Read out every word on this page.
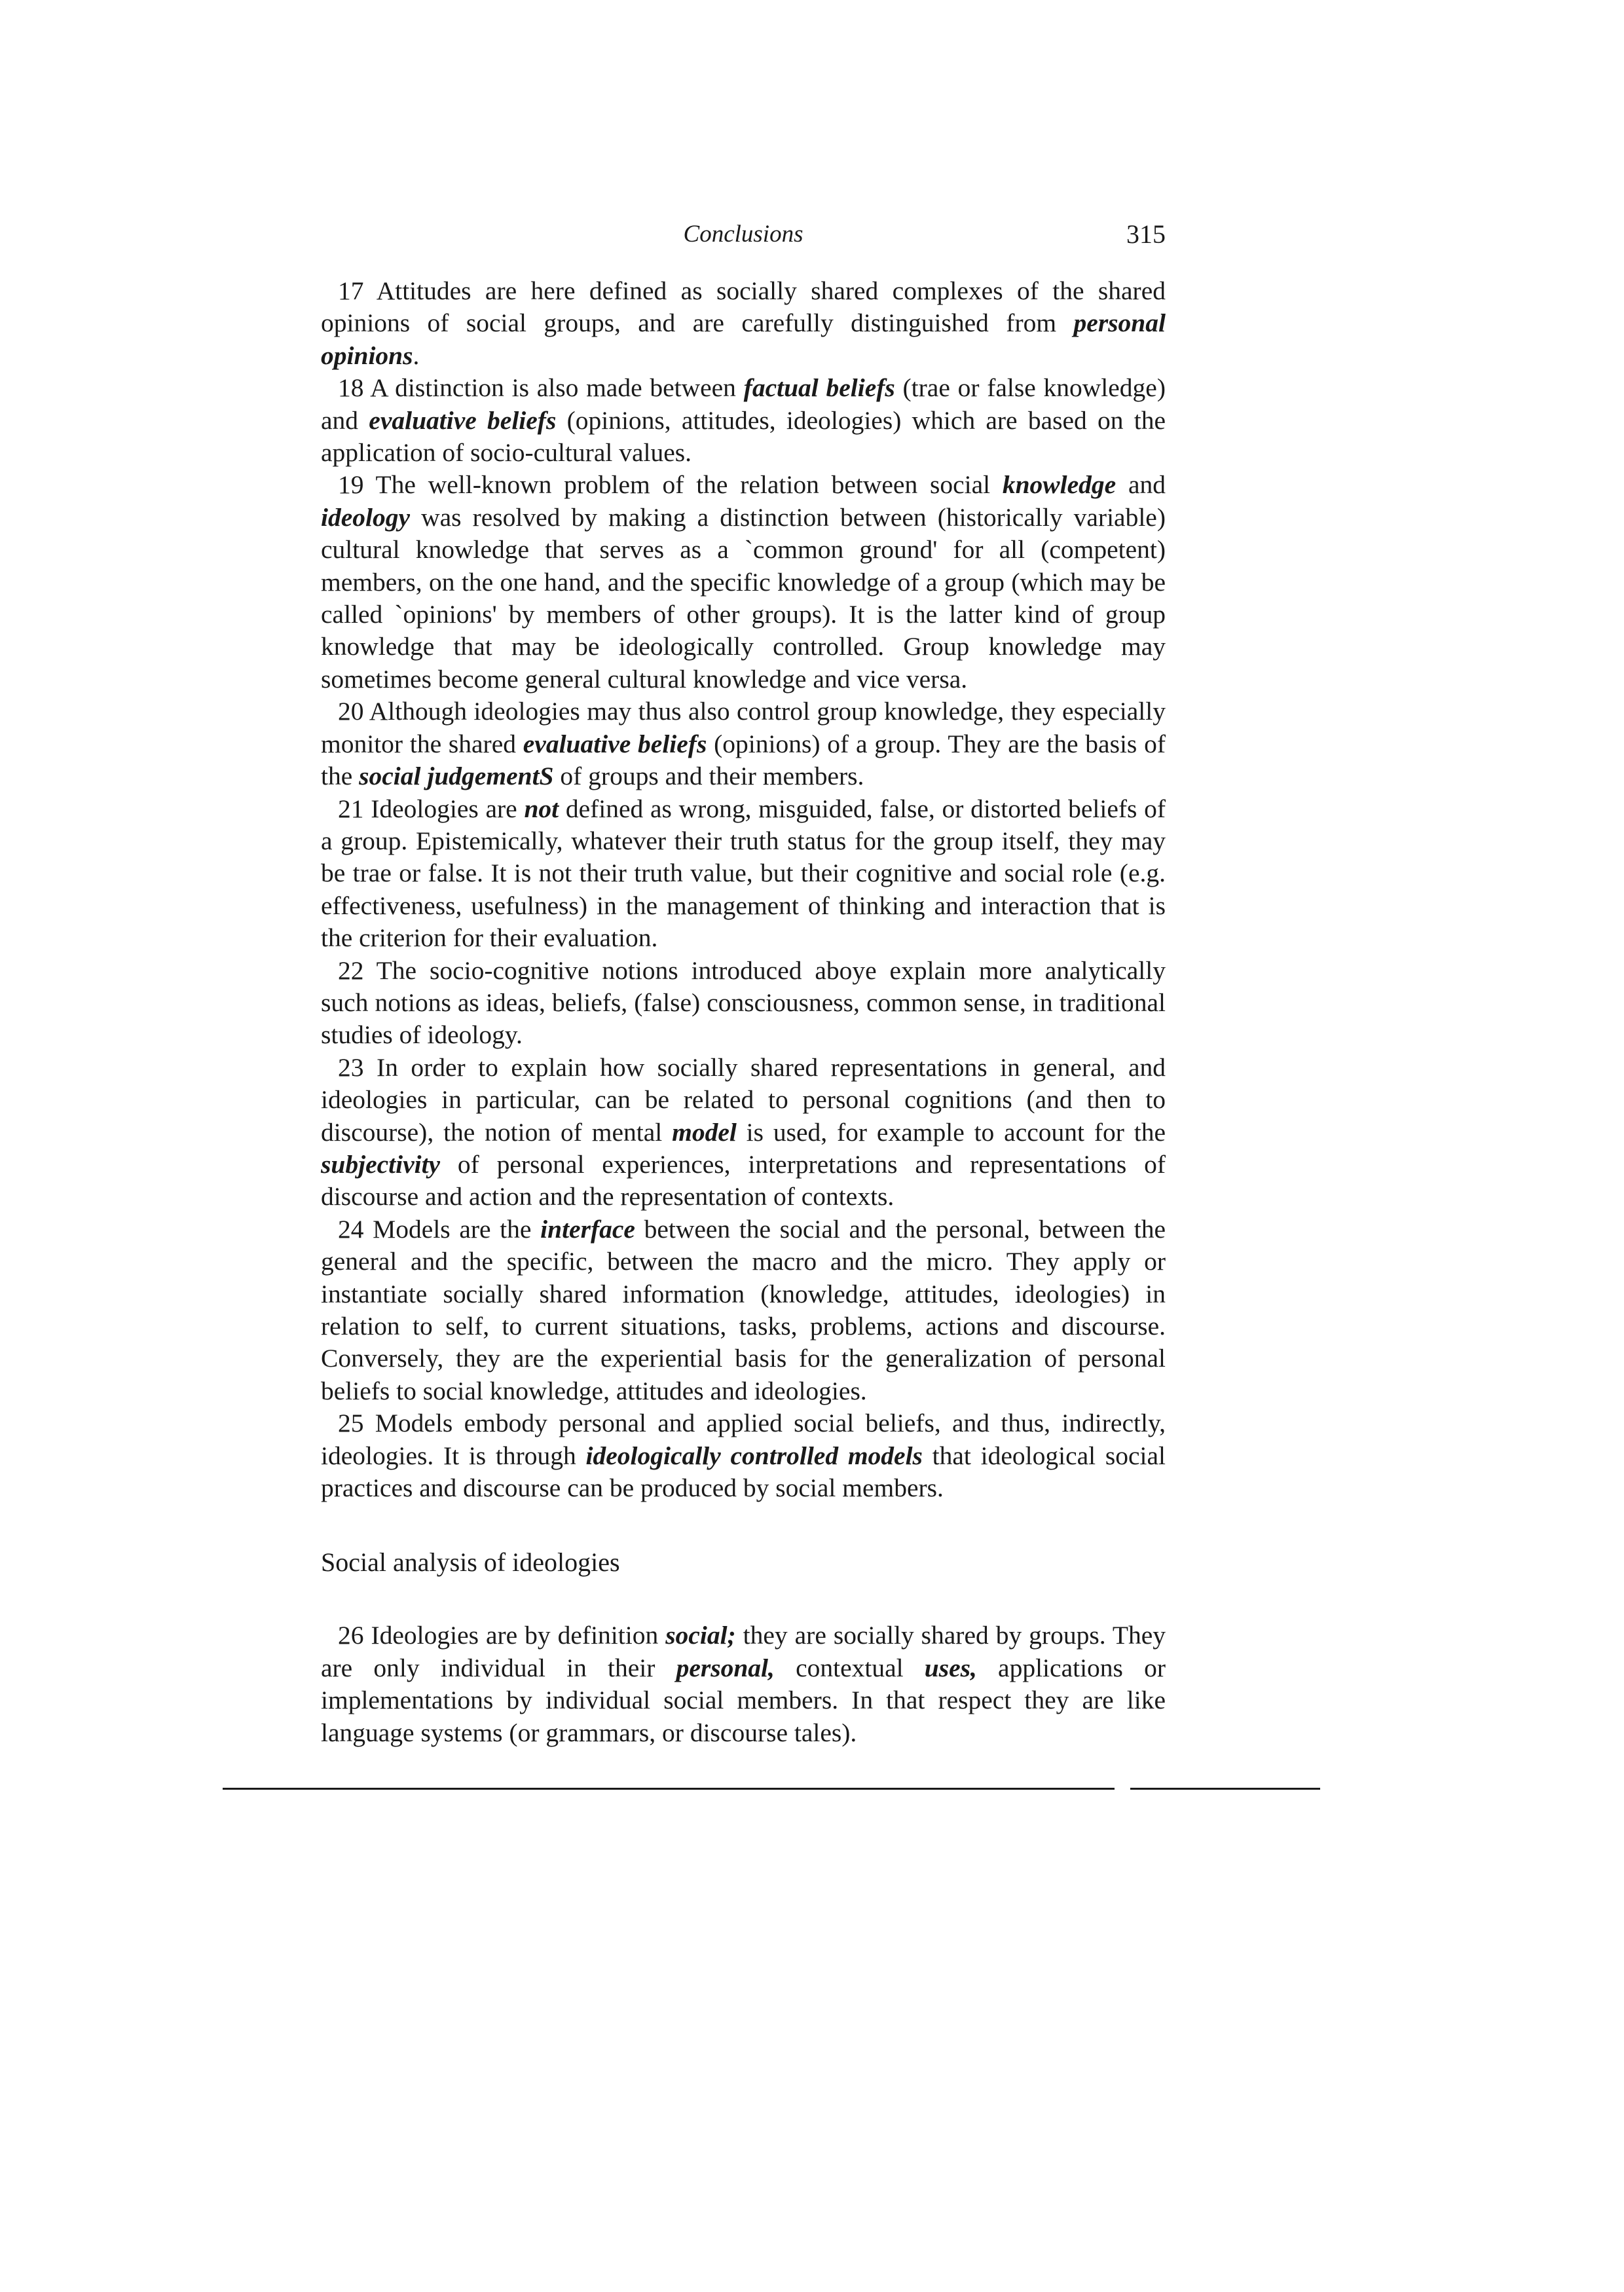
Conclusions	315

17 Attitudes are here defined as socially shared complexes of the shared opinions of social groups, and are carefully distinguished from personal opinions.

18 A distinction is also made between factual beliefs (trae or false knowledge) and evaluative beliefs (opinions, attitudes, ideologies) which are based on the application of socio-cultural values.

19 The well-known problem of the relation between social knowledge and ideology was resolved by making a distinction between (historically variable) cultural knowledge that serves as a `common ground' for all (competent) members, on the one hand, and the specific knowledge of a group (which may be called `opinions' by members of other groups). It is the latter kind of group knowledge that may be ideologically controlled. Group knowledge may sometimes become general cultural knowledge and vice versa.

20 Although ideologies may thus also control group knowledge, they especially monitor the shared evaluative beliefs (opinions) of a group. They are the basis of the social judgementS of groups and their members.

21 Ideologies are not defined as wrong, misguided, false, or distorted beliefs of a group. Epistemically, whatever their truth status for the group itself, they may be trae or false. It is not their truth value, but their cognitive and social role (e.g. effectiveness, usefulness) in the management of thinking and interaction that is the criterion for their evaluation.

22 The socio-cognitive notions introduced aboye explain more analytically such notions as ideas, beliefs, (false) consciousness, common sense, in traditional studies of ideology.

23 In order to explain how socially shared representations in general, and ideologies in particular, can be related to personal cognitions (and then to discourse), the notion of mental model is used, for example to account for the subjectivity of personal experiences, interpretations and representations of discourse and action and the representation of contexts.

24 Models are the interface between the social and the personal, between the general and the specific, between the macro and the micro. They apply or instantiate socially shared information (knowledge, attitudes, ideologies) in relation to self, to current situations, tasks, problems, actions and discourse. Conversely, they are the experiential basis for the generalization of personal beliefs to social knowledge, attitudes and ideologies.

25 Models embody personal and applied social beliefs, and thus, indirectly, ideologies. It is through ideologically controlled models that ideological social practices and discourse can be produced by social members.

Social analysis of ideologies

26 Ideologies are by definition social; they are socially shared by groups. They are only individual in their personal, contextual uses, applications or implementations by individual social members. In that respect they are like language systems (or grammars, or discourse tales).
